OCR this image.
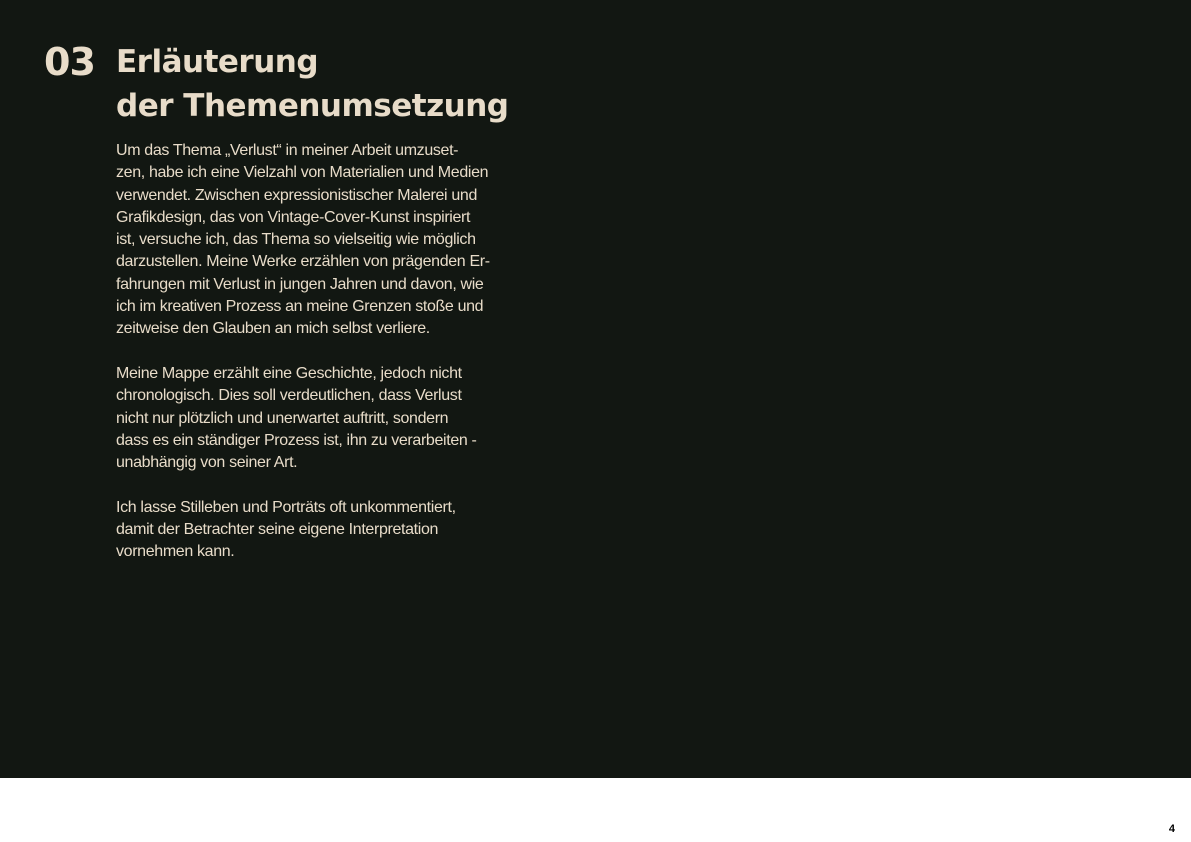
03 Erläuterung
der Themenumsetzung

Um das Thema „Verlust“ in meiner Arbeit umzuset-
zen, habe ich eine Vielzahl von Materialien und Medien
verwendet. Zwischen expressionistischer Malerei und
Grafikdesign, das von Vintage-Cover-Kunst inspiriert
ist, versuche ich, das Thema so vielseitig wie möglich
darzustellen. Meine Werke erzählen von prägenden Er-
fahrungen mit Verlust in jungen Jahren und davon, wie
ich im kreativen Prozess an meine Grenzen stoße und
zeitweise den Glauben an mich selbst verliere.

Meine Mappe erzählt eine Geschichte, jedoch nicht
chronologisch. Dies soll verdeutlichen, dass Verlust
nicht nur plötzlich und unerwartet auftritt, sondern
dass es ein ständiger Prozess ist, ihn zu verarbeiten -
unabhängig von seiner Art.

Ich lasse Stilleben und Porträts oft unkommentiert,
damit der Betrachter seine eigene Interpretation
vornehmen kann.

4
